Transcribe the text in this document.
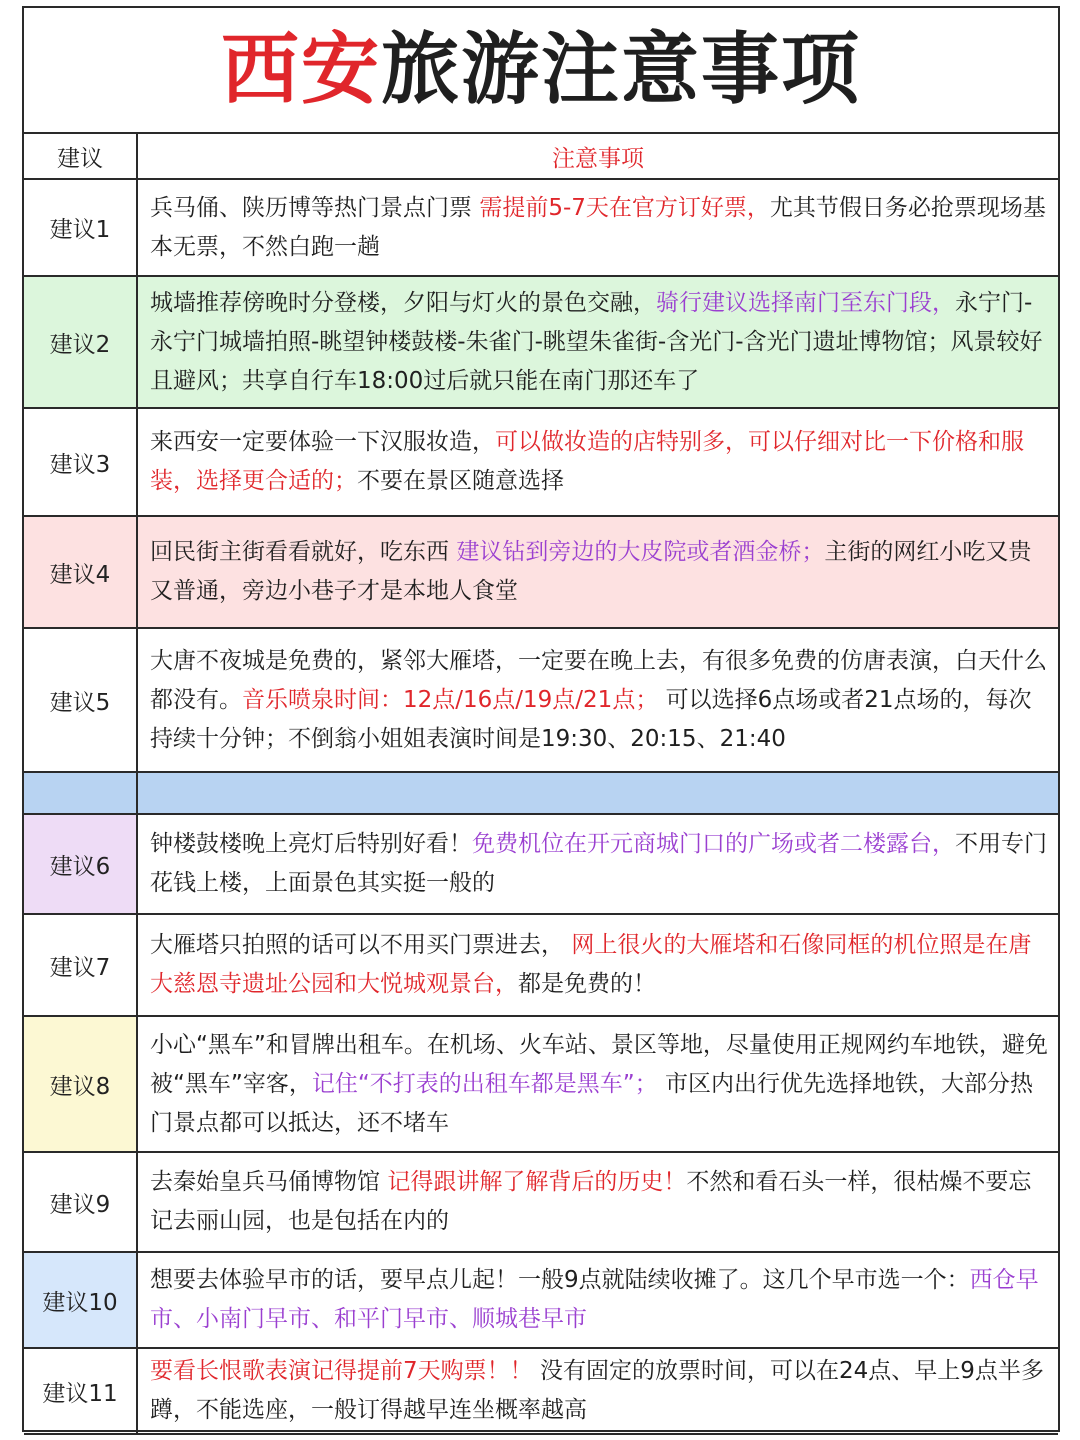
西安旅游注意事项
建议	注意事项
建议1	兵马俑、陕历博等热门景点门票 需提前5-7天在官方订好票，尤其节假日务必抢票现场基本无票，不然白跑一趟
建议2	城墙推荐傍晚时分登楼，夕阳与灯火的景色交融，骑行建议选择南门至东门段，永宁门-永宁门城墙拍照-眺望钟楼鼓楼-朱雀门-眺望朱雀街-含光门-含光门遗址博物馆；风景较好且避风；共享自行车18:00过后就只能在南门那还车了
建议3	来西安一定要体验一下汉服妆造，可以做妆造的店特别多，可以仔细对比一下价格和服装，选择更合适的；不要在景区随意选择
建议4	回民街主街看看就好，吃东西 建议钻到旁边的大皮院或者酒金桥；主街的网红小吃又贵又普通，旁边小巷子才是本地人食堂
建议5	大唐不夜城是免费的，紧邻大雁塔，一定要在晚上去，有很多免费的仿唐表演，白天什么都没有。音乐喷泉时间：12点/16点/19点/21点； 可以选择6点场或者21点场的，每次持续十分钟；不倒翁小姐姐表演时间是19:30、20:15、21:40

建议6	钟楼鼓楼晚上亮灯后特别好看！免费机位在开元商城门口的广场或者二楼露台，不用专门花钱上楼，上面景色其实挺一般的
建议7	大雁塔只拍照的话可以不用买门票进去， 网上很火的大雁塔和石像同框的机位照是在唐大慈恩寺遗址公园和大悦城观景台，都是免费的！
建议8	小心“黑车”和冒牌出租车。在机场、火车站、景区等地，尽量使用正规网约车地铁，避免被“黑车”宰客，记住“不打表的出租车都是黑车”； 市区内出行优先选择地铁，大部分热门景点都可以抵达，还不堵车
建议9	去秦始皇兵马俑博物馆 记得跟讲解了解背后的历史！不然和看石头一样，很枯燥不要忘记去丽山园，也是包括在内的
建议10	想要去体验早市的话，要早点儿起！一般9点就陆续收摊了。这几个早市选一个：西仓早市、小南门早市、和平门早市、顺城巷早市
建议11	要看长恨歌表演记得提前7天购票！！ 没有固定的放票时间，可以在24点、早上9点半多蹲，不能选座，一般订得越早连坐概率越高
